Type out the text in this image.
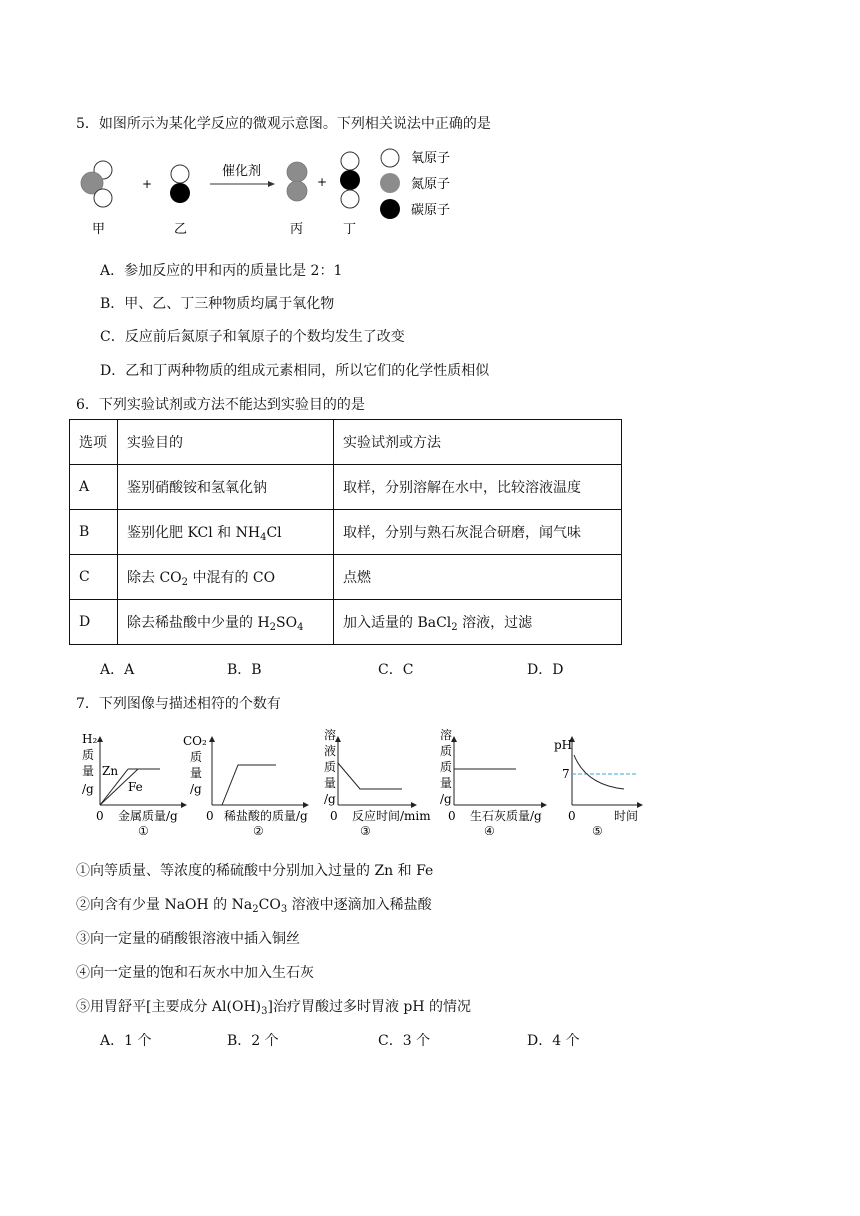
5．如图所示为某化学反应的微观示意图。下列相关说法中正确的是
+
催化剂
+
甲	乙	丙	丁
氧原子
氮原子
碳原子
A．参加反应的甲和丙的质量比是 2：1
B．甲、乙、丁三种物质均属于氧化物
C．反应前后氮原子和氧原子的个数均发生了改变
D．乙和丁两种物质的组成元素相同，所以它们的化学性质相似
6．下列实验试剂或方法不能达到实验目的的是
选项	实验目的	实验试剂或方法
A	鉴别硝酸铵和氢氧化钠	取样，分别溶解在水中，比较溶液温度
B	鉴别化肥 KCl 和 $NH_4Cl$	取样，分别与熟石灰混合研磨，闻气味
C	除去 $CO_2$ 中混有的 CO	点燃
D	除去稀盐酸中少量的 $H_2SO_4$	加入适量的 BaCl$_2$ 溶液，过滤
A．A	B．B	C．C	D．D
7．下列图像与描述相符的个数有
H₂
质
量
/g
Zn
Fe
0 金属质量/g
①
CO₂
质
量
/g
0 稀盐酸的质量/g
②
溶
液
质
量
/g
0 反应时间/mim
③
溶
质
质
量
/g
0 生石灰质量/g
④
pH
7
0	时间
⑤
①向等质量、等浓度的稀硫酸中分别加入过量的 Zn 和 Fe
②向含有少量 NaOH 的 $Na_2CO_3$ 溶液中逐滴加入稀盐酸
③向一定量的硝酸银溶液中插入铜丝
④向一定量的饱和石灰水中加入生石灰
⑤用胃舒平[主要成分 $Al(OH)_3$]治疗胃酸过多时胃液 pH 的情况
A．1 个	B．2 个	C．3 个	D．4 个
